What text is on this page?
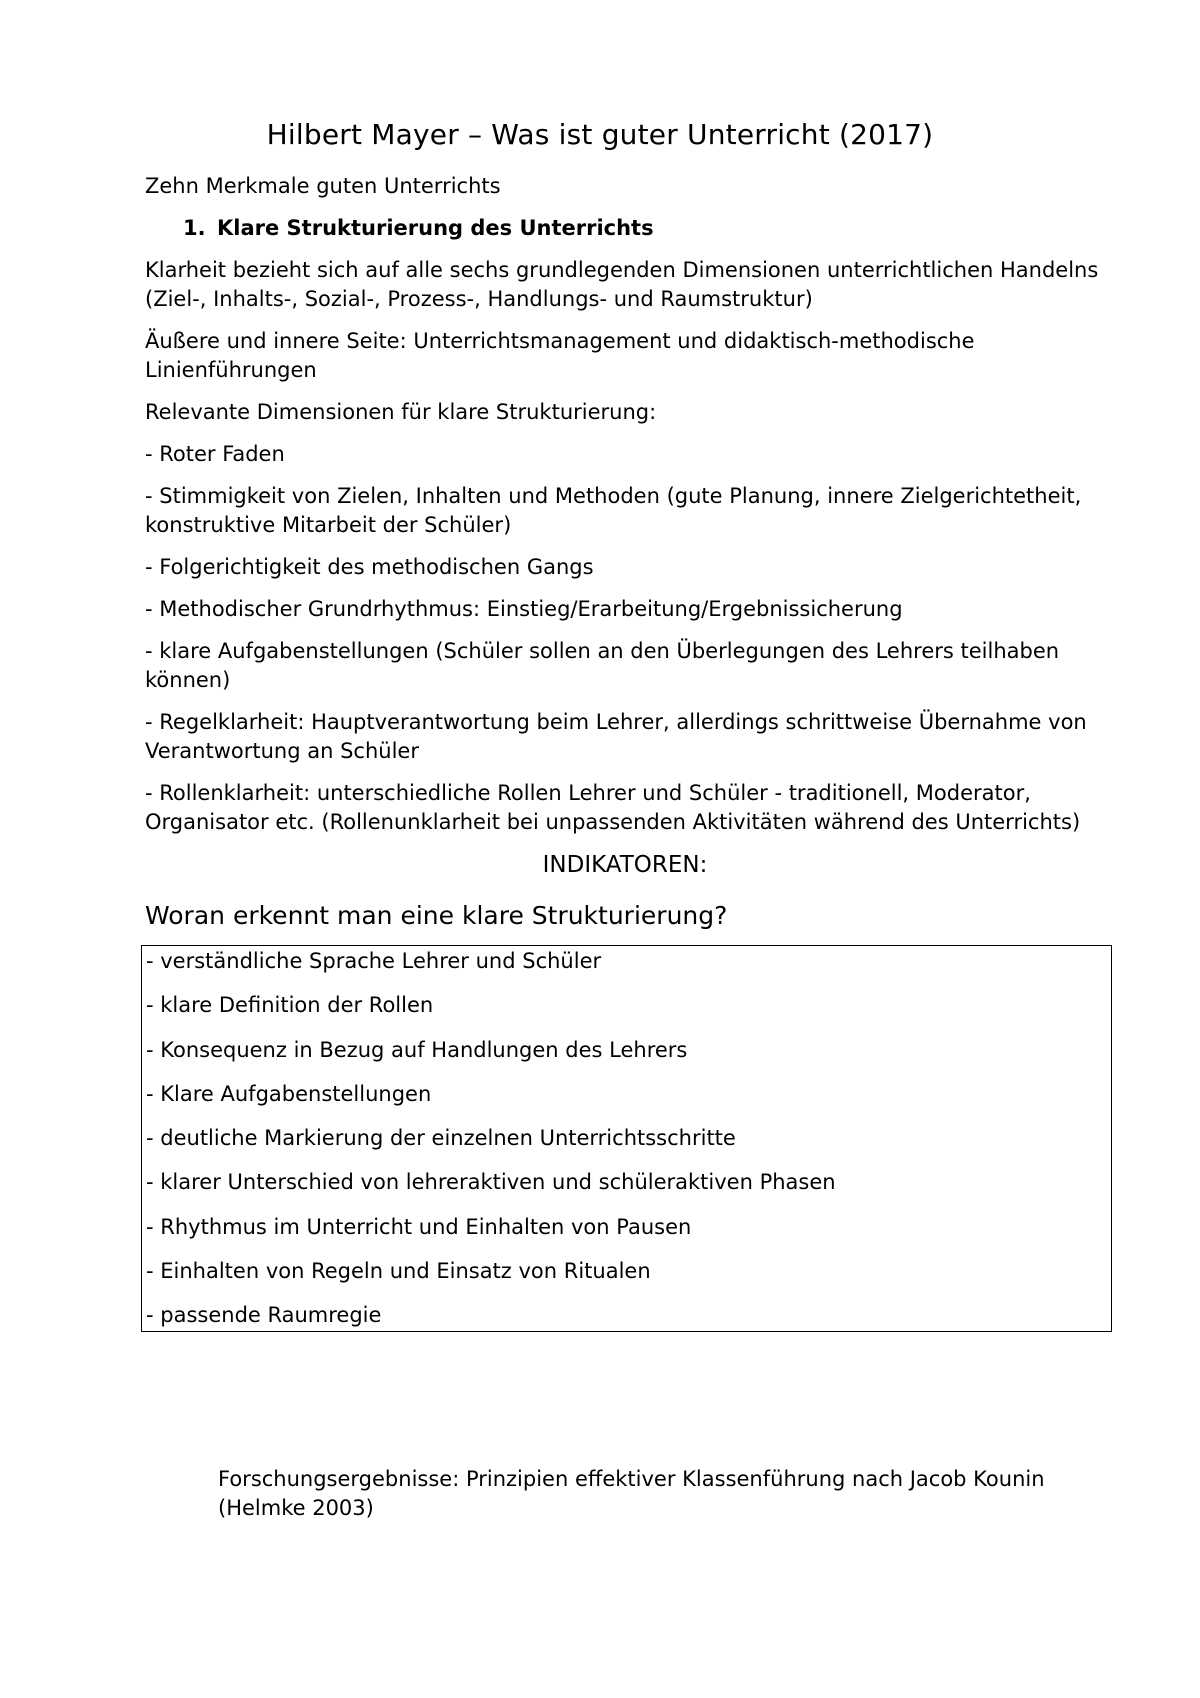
Hilbert Mayer – Was ist guter Unterricht (2017)
Zehn Merkmale guten Unterrichts
1. Klare Strukturierung des Unterrichts
Klarheit bezieht sich auf alle sechs grundlegenden Dimensionen unterrichtlichen Handelns (Ziel-, Inhalts-, Sozial-, Prozess-, Handlungs- und Raumstruktur)
Äußere und innere Seite: Unterrichtsmanagement und didaktisch-methodische Linienführungen
Relevante Dimensionen für klare Strukturierung:
- Roter Faden
- Stimmigkeit von Zielen, Inhalten und Methoden (gute Planung, innere Zielgerichtetheit, konstruktive Mitarbeit der Schüler)
- Folgerichtigkeit des methodischen Gangs
- Methodischer Grundrhythmus: Einstieg/Erarbeitung/Ergebnissicherung
- klare Aufgabenstellungen (Schüler sollen an den Überlegungen des Lehrers teilhaben können)
- Regelklarheit: Hauptverantwortung beim Lehrer, allerdings schrittweise Übernahme von Verantwortung an Schüler
- Rollenklarheit: unterschiedliche Rollen Lehrer und Schüler - traditionell, Moderator, Organisator etc. (Rollenunklarheit bei unpassenden Aktivitäten während des Unterrichts)
INDIKATOREN:
Woran erkennt man eine klare Strukturierung?
- verständliche Sprache Lehrer und Schüler
- klare Definition der Rollen
- Konsequenz in Bezug auf Handlungen des Lehrers
- Klare Aufgabenstellungen
- deutliche Markierung der einzelnen Unterrichtsschritte
- klarer Unterschied von lehreraktiven und schüleraktiven Phasen
- Rhythmus im Unterricht und Einhalten von Pausen
- Einhalten von Regeln und Einsatz von Ritualen
- passende Raumregie
Forschungsergebnisse: Prinzipien effektiver Klassenführung nach Jacob Kounin (Helmke 2003)
